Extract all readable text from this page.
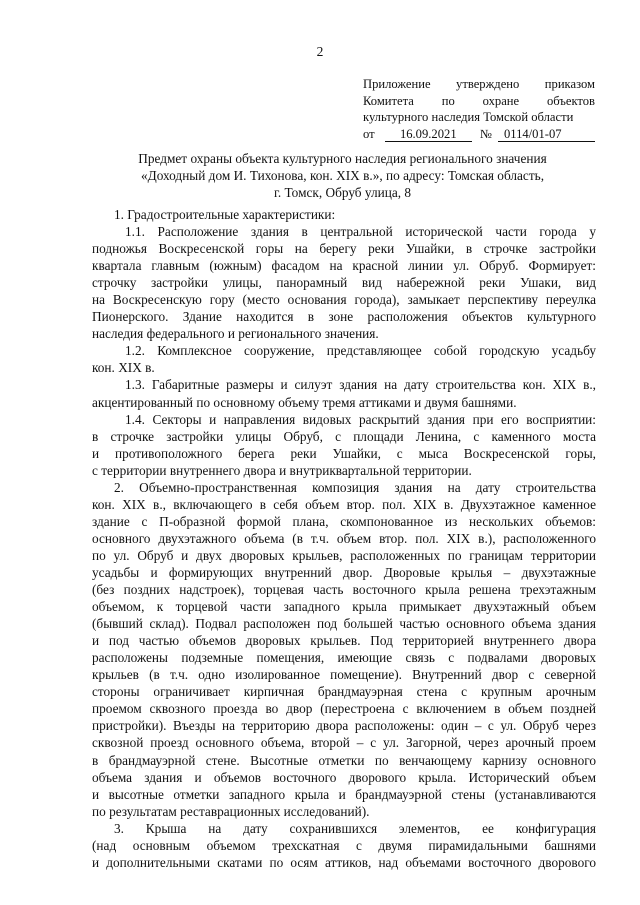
2
Приложение утверждено приказом
Комитета по охране объектов
культурного наследия Томской области
от	16.09.2021	№ 0114/01-07
Предмет охраны объекта культурного наследия регионального значения
«Доходный дом И. Тихонова, кон. XIX в.», по адресу: Томская область,
г. Томск, Обруб улица, 8
1. Градостроительные характеристики:
1.1. Расположение здания в центральной исторической части города у
подножья Воскресенской горы на берегу реки Ушайки, в строчке застройки
квартала главным (южным) фасадом на красной линии ул. Обруб. Формирует:
строчку застройки улицы, панорамный вид набережной реки Ушаки, вид
на Воскресенскую гору (место основания города), замыкает перспективу переулка
Пионерского. Здание находится в зоне расположения объектов культурного
наследия федерального и регионального значения.
1.2. Комплексное сооружение, представляющее собой городскую усадьбу
кон. XIX в.
1.3. Габаритные размеры и силуэт здания на дату строительства кон. XIX в.,
акцентированный по основному объему тремя аттиками и двумя башнями.
1.4. Секторы и направления видовых раскрытий здания при его восприятии:
в строчке застройки улицы Обруб, с площади Ленина, с каменного моста
и противоположного берега реки Ушайки, с мыса Воскресенской горы,
с территории внутреннего двора и внутриквартальной территории.
2. Объемно-пространственная композиция здания на дату строительства
кон. XIX в., включающего в себя объем втор. пол. XIX в. Двухэтажное каменное
здание с П-образной формой плана, скомпонованное из нескольких объемов:
основного двухэтажного объема (в т.ч. объем втор. пол. XIX в.), расположенного
по ул. Обруб и двух дворовых крыльев, расположенных по границам территории
усадьбы и формирующих внутренний двор. Дворовые крылья – двухэтажные
(без поздних надстроек), торцевая часть восточного крыла решена трехэтажным
объемом, к торцевой части западного крыла примыкает двухэтажный объем
(бывший склад). Подвал расположен под большей частью основного объема здания
и под частью объемов дворовых крыльев. Под территорией внутреннего двора
расположены подземные помещения, имеющие связь с подвалами дворовых
крыльев (в т.ч. одно изолированное помещение). Внутренний двор с северной
стороны ограничивает кирпичная брандмауэрная стена с крупным арочным
проемом сквозного проезда во двор (перестроена с включением в объем поздней
пристройки). Въезды на территорию двора расположены: один – с ул. Обруб через
сквозной проезд основного объема, второй – с ул. Загорной, через арочный проем
в брандмауэрной стене. Высотные отметки по венчающему карнизу основного
объема здания и объемов восточного дворового крыла. Исторический объем
и высотные отметки западного крыла и брандмауэрной стены (устанавливаются
по результатам реставрационных исследований).
3. Крыша на дату сохранившихся элементов, ее конфигурация
(над основным объемом трехскатная с двумя пирамидальными башнями
и дополнительными скатами по осям аттиков, над объемами восточного дворового
